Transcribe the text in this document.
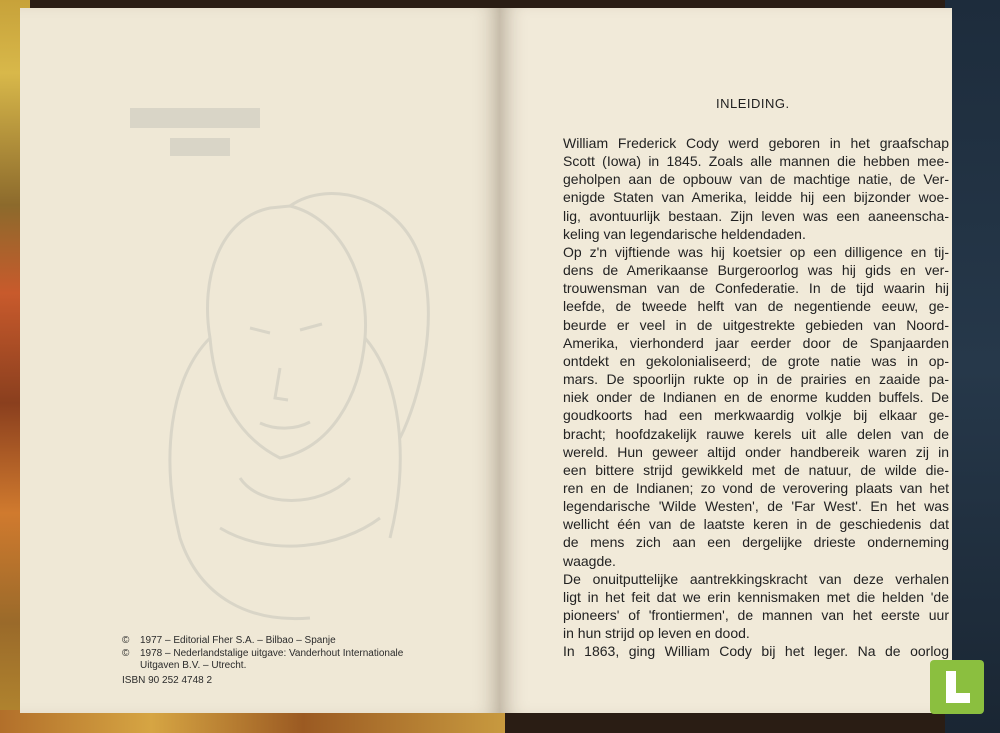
©	1977 – Editorial Fher S.A. – Bilbao – Spanje
©	1978 – Nederlandstalige uitgave: Vanderhout Internationale
Uitgaven B.V. – Utrecht.
ISBN 90 252 4748 2
INLEIDING.
William Frederick Cody werd geboren in het graafschap
Scott (Iowa) in 1845. Zoals alle mannen die hebben mee-
geholpen aan de opbouw van de machtige natie, de Ver-
enigde Staten van Amerika, leidde hij een bijzonder woe-
lig, avontuurlijk bestaan. Zijn leven was een aaneenscha-
keling van legendarische heldendaden.
Op z'n vijftiende was hij koetsier op een dilligence en tij-
dens de Amerikaanse Burgeroorlog was hij gids en ver-
trouwensman van de Confederatie. In de tijd waarin hij
leefde, de tweede helft van de negentiende eeuw, ge-
beurde er veel in de uitgestrekte gebieden van Noord-
Amerika, vierhonderd jaar eerder door de Spanjaarden
ontdekt en gekolonialiseerd; de grote natie was in op-
mars. De spoorlijn rukte op in de prairies en zaaide pa-
niek onder de Indianen en de enorme kudden buffels. De
goudkoorts had een merkwaardig volkje bij elkaar ge-
bracht; hoofdzakelijk rauwe kerels uit alle delen van de
wereld. Hun geweer altijd onder handbereik waren zij in
een bittere strijd gewikkeld met de natuur, de wilde die-
ren en de Indianen; zo vond de verovering plaats van het
legendarische 'Wilde Westen', de 'Far West'. En het was
wellicht één van de laatste keren in de geschiedenis dat
de mens zich aan een dergelijke drieste onderneming
waagde.
De onuitputtelijke aantrekkingskracht van deze verhalen
ligt in het feit dat we erin kennismaken met die helden 'de
pioneers' of 'frontiermen', de mannen van het eerste uur
in hun strijd op leven en dood.
In 1863, ging William Cody bij het leger. Na de oorlog
